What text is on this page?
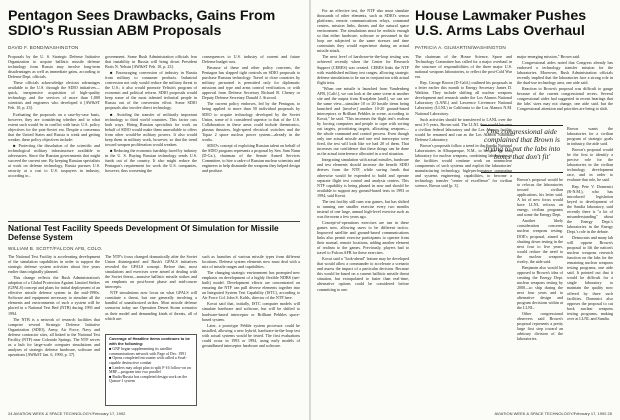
Pentagon Sees Drawbacks, Gains From SDIO's Russian ABM Proposals
DAVID F. BOND/WASHINGTON

Proposals by the U. S. Strategic Defense Initiative Organization to acquire ballistic missile defense technology from Russia may involve long-term disadvantages as well as immediate gains, according to Defense Dept. officials.

These officials acknowledge obvious advantages available to the U.S. through the SDIO initiatives—quick, inexpensive acquisition of high-quality technology and the services of more than 1,000 scientists and engineers who developed it [AW&ST Feb. 10, p. 23].

Evaluating the proposals on a case-by-case basis, however, they are considering whether and to what extent such would be in conflict with basic U.S. policy objectives for the post-Soviet era. Despite a consensus that the United States and Russia is weak and getting weaker, these policy objectives include:

■ Protecting the dissolution of the scientific and technological military infrastructure available to adversaries. Since the Russian governments that might succeed the current one. By keeping Russian specialists at work on defense technology, Russia pursues U.S. security at a cost to U.S. taxpayers in industry, according to...

government. Some Bush Administration officials fear that instability in Russia will bring down President Boris N. Yeltsin [AW&ST Feb. 10, p. 23].

■ Encouraging conversion of industry in Russia from military to consumer products. Industrial conversion not only would reduce the military threat to the U.S.; it also would promote Yeltsin's program of economic and political reform. SDIO proposals would keep some of the most talented technical people in Russia out of the conversion effort. Some SDIO proposals also involve direct technology.

■ Avoiding the transfer of militarily important technology to third world countries. This factor cuts both ways. Hiring Russian specialists for work on behalf of SDIO would make them unavailable to offers from other would-be military powers. It also would keep them in military work, however, so that the trend toward weapon proliferation would weaken.

■ Reducing the economic hardship faced by industry in the U. S. Buying Russian technology sends U.S. funds out of the country. It also might reduce the Pentagon's requirement for work the U.S. companies, however, thus worsening the

consequences to U.S. industry of current and future Defense budget cuts.

Because of these and other policy concerns, the Pentagon has slapped tight controls on SDIO proposals to purchase Russian technology. Travel to close countries by military personnel is permitted only for diplomatic missions and type and arms control verification, or with approval from Defense Secretary Richard B. Cheney or Deputy Defense Secretary Donald J. Atwood.

The current policy endorses, led by the Pentagon, to being applied to more than 50 individual proposals by SDIO to acquire technology developed by the Soviet Union, some of it considered superior to that of the U.S. Collaboration in these areas could include thermionics, plasma thrusters, high-speed electrical switches and the Topaz 2 space nuclear power system—already in the works.

SDIO's concept of exploiting Russian talent on behalf of the SDIO program represents a proposal by Sen. Sam Nunn (D-Ga.), chairman of the Senate Armed Services Committee, to hire a cadre of Russian nuclear scientists and engineers to help dismantle the weapons they helped design and produce.

National Test Facility Speeds Development Of Simulation for Missile Defense System
WILLIAM B. SCOTT/FALCON AFB, COLO.

The National Test Facility is accelerating development of the simulation capabilities in order to support the strategic defense system activities about five years earlier than originally planned.

This change reflects the Bush Administration's adoption of a Global Protection Against Limited Strikes (GPALS) concept and plans for initial deployment of an effective missile defense system in the mid-1990s. Software and equipment necessary to simulate all the elements and environments of such a system will be placed in a National Test Bed (NTB) during 1993 and 1994.

The NTB is a network of research facilities that comprise several Strategic Defense Initiative Organization (SDIO), Army, Air Force, Navy and defense contractor sites, all linked to the National Test Facility (NTF) near Colorado Springs. The NTF serves as a hub for large-scale computer simulations and analyses of strategic defense hardware, software and operations [AW&ST Jan. 6, 1990, p. 37].

The NTF's focus changed dramatically after the Soviet Union disintegrated and Bush's GPALS initiatives revealed the GPALS concept. Before that, most simulations and exercises were aimed at dealing with the Soviet threat—massive ballistic missile strikes and an emphasis on post-boost phase and mid-course intercepts.

NTF simulations now focus on what GPALS will constitute a threat, but one generally involving a handful of unauthorized strikes. Most missile defense scenarios today use Operation Desert Storm scenarios as their model and demanding kinds of threats, all of which are:

Coverage of Headline items continues to be with the following:
■ GNF began supplementing its satellite communications network with Page of Dec. 1991
■ Opens completed encounter with called a Scud-capable destructive combat
■ Leaders may adopt plan to split F-16 follow-on on MRF—program into two parallel
■ Radio/Russia has completed design work on the Quasar-1 system

such as launches of various missile types from different locations. Defense system elements now must deal with a mix of missile ranges and capabilities.

The changing strategic environment has prompted new emphasis on development of a highly flexible NDBS (net-built) model. Development efforts are concentrated on ensuring the NTF can pull diverse elements together into an Integrated System Test Capability (ISTC), according to Air Force Col. John S. Kohls, director of the NTF here.

Kovat said that, initially, ISTC computer models will simulate hardware and software, but will be shifted to hardware-based interceptor or Brilliant Pebbles space-based system.

Later, a prototype Pebble system processor could be installed, allowing a new hybrid, hardware-in-the-loop test with actual systems would be tested. The first evaluations could occur in 1993 or 1994, using early models of groundbased interceptor hardware and software.

24 AVIATION WEEK & SPACE TECHNOLOGY/February 17, 1992

For an effective test, the NTF also must simulate thousands of other elements, such as SDIO's sensor platforms, remote communications relays, command centers, mission links, threats and the natural space environment. The simulations must be realistic enough so that either hardware, software or personnel in the loop are subjected to the same stresses and time constraints they would experience during an actual missile attack.

The next level of hardware-in-the-loop testing was achieved recently when the Center for Research Support (CERES) was created. CERES links the NTF with established military test ranges, allowing strategic defense simulations to be run in conjunction with actual flight tests.

"When one missile is launched from Vandenberg AFB, [Calif.], we can look at the same scene at another site and the output from Kwajalein [atoll], we can see the same view—simulate 10 or 20 hostile items being launched and [involve] another 10-20 ground-based interceptors or Brilliant Pebbles in scene, according to Kovat," he said. "This increases the flight test's realism by forcing computers and people to cope with sorting out targets, prioritizing targets, allocating weapons—the whole command and control process. Even though only one actual missile and one real interceptor were fired, the test will look like we had 20 of them. That increases our confidence that these things can be done as the actual interference allocated in a real situation.

Integrating simulation with actual missiles, hardware and test elements should increase the benefit SDIO derives from the NTF, while saving funds that otherwise would be expended to build and operate separate flight test control and analysis centers. This NTF capability is being phased in now and should be available to support any ground-based tests in 1993 or 1994, said Kovat.

The test facility still runs war games, but has shifted to running one smaller exercise every two months instead of one large, annual high-level exercise such as was the norm a few years ago.

Concept-of-operations exercises are run in these games now, allowing users to be different tactics. Improved satellite and ground-based communications links also permit exercise participants to operate from their normal, remote locations, adding another element of realism to the games. Previously, players had to travel to Falcon AFB for these exercises.

Kovat said a "look-ahead" feature may be developed that would allow a commander to accelerate a scenario and assess the impact of a particular decision. Because this would be based on a current ballistic missile threat situation, but extrapolated to faster than real-time, alternative options could be considered before committing to one.

House Lawmaker Pushes U.S. Arms Labs Overhaul
PATRICIA A. GILMARTIN/WASHINGTON

The chairman of the House Science, Space and Technology Committee has called for a major overhaul in the structure of responsibilities of the three major U.S. national weapons laboratories, to reflect the post-Cold War era.

Rep. George Brown (D-Calif.) outlined his proposals in a letter earlier this month to Energy Secretary James D. Watkins. They include shifting all nuclear weapons development and research under the Los Alamos National Laboratory (LANL) and Lawrence Livermore National Laboratory (LLNL) in California to the Los Alamos N.M. National Laboratory.

Such activities should be transferred to LANL over the next 3-5 years, Brown said. The LLNL then would become a civilian federal laboratory and the Los Alamos facility would be renamed and run as the Los Alamos National Defense Laboratory.

Brown's proposals follow a trend in the Sandia National Laboratories in Albuquerque, N.M., to become the lead laboratory for nuclear weapons, combining laboratories at the facilities would continue work on nonnuclear components of such systems and exploit the laboratories' manufacturing technology, high-performance computing and systems engineering capabilities, to become a technology transfer "center of excellence" for civilian science, Brown said [p. 3].

major emerging mission," Brown said.

Congressional aides noted that Congress already has endorsed a technology transfer mission for the laboratories. Moreover, Bush Administration officials recently implied that the laboratories face a strong role in the dual-use technology area, one aide said.

Reaction to Brown's proposal was difficult to gauge because of the current congressional recess. Several congressional aides had suggested in recent hearings that the labs' sizes may not change, one aide said, but the Congressional attention and priorities are being to shift.

One congressional aide complained that Brown is 'trying to put the labs into boxes that don't fit'

Brown's proposal would be to refocus the laboratories toward civilian applications, his letter said. A lot of new focus would have LLNL refocus on energy, civilian programs and some the Energy Dept.

Another likely consideration concerns nuclear weapons testing. DOE's proposal, aimed at shutting down testing in the next four to five years, would reduce the need to the nuclear weapons rivalry, the aide said.

Benjamin also would be opposed to Brown's idea of creating the Energy Dept. nuclear weapons testing by 2000—to ship during the next four years and to alternative design and program decisions within at the LLNL.

Other congressional observers said Brown's proposal represents a pretty large first step toward an arbitrary division of the laboratories.

Brown wants the laboratories for a civilian program of strategic goals in industry, the aide said.

Brown's proposal would be the first to identify a precise role for the laboratories in the civilian technology development race, and in order to evaluate that role, he said.

Rep. Pete V. Domenici (R-N.M.), who has introduced legislation keyed to development of the Sandia laboratory, said recently there is "a lot of misunderstanding" about the Energy Dept.'s laboratories in the Energy Dept.'s role in the debate.

Democrats and many lab will oppose Brown's proposal to lift the nation's nuclear weapons research function on the labs for the remaining nuclear weapons testing programs, one aide said. It pointed out that it would be difficult for a single laboratory to maintain the quality now offered by three such facilities. Domenici also opposes the proposal to cut back nuclear weapons testing programs, making over at LLNL and Sandia.

AVIATION WEEK & SPACE TECHNOLOGY/February 17, 1992 25
